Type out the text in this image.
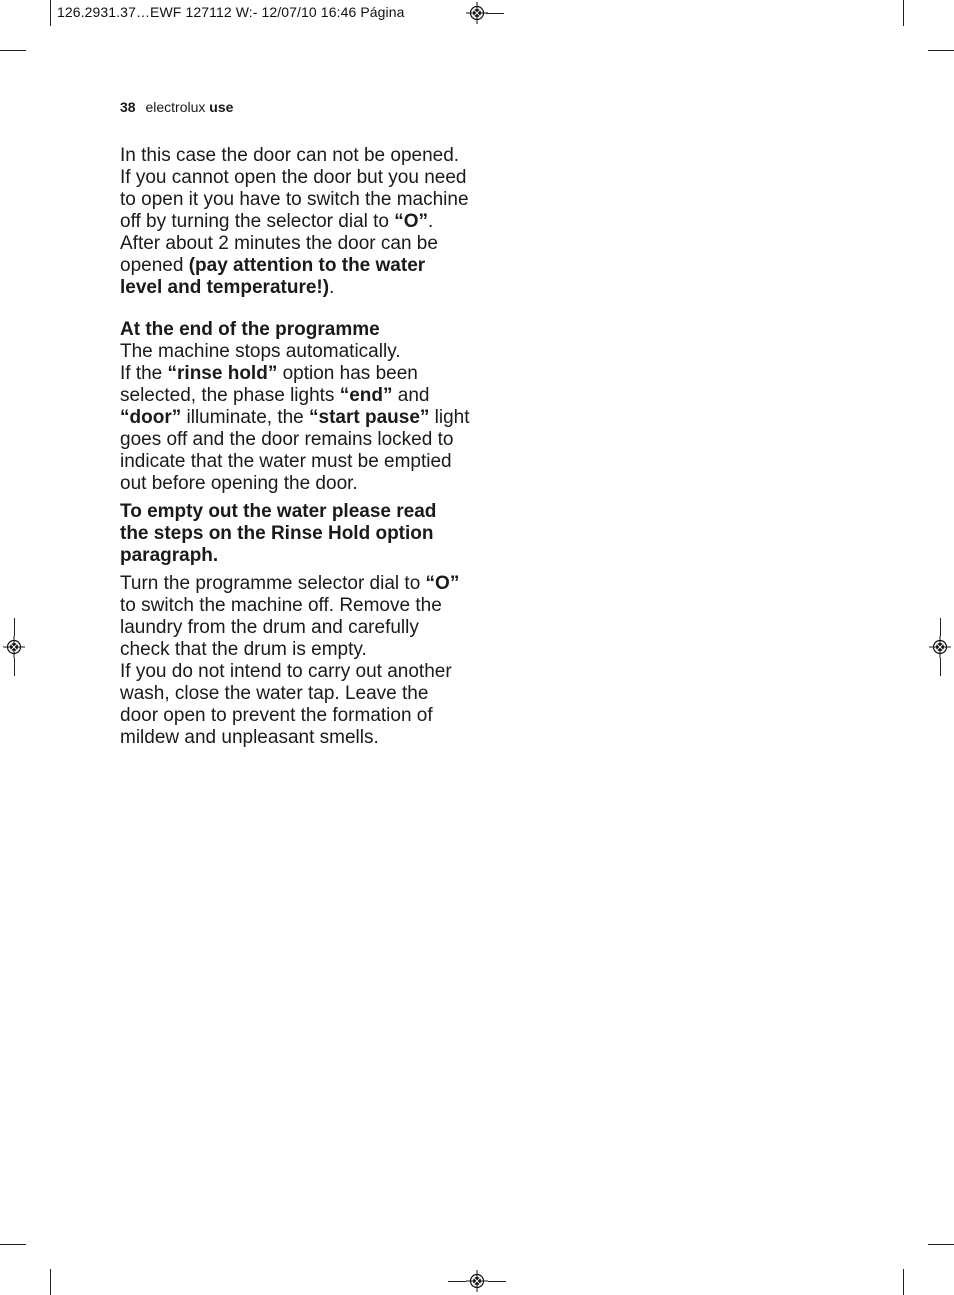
126.2931.37…EWF 127112 W:- 12/07/10 16:46 Página
38 electrolux use

In this case the door can not be opened.
If you cannot open the door but you need to open it you have to switch the machine off by turning the selector dial to “O”. After about 2 minutes the door can be opened (pay attention to the water level and temperature!).

At the end of the programme
The machine stops automatically.
If the “rinse hold” option has been selected, the phase lights “end” and “door” illuminate, the “start pause” light goes off and the door remains locked to indicate that the water must be emptied out before opening the door.

To empty out the water please read the steps on the Rinse Hold option paragraph.

Turn the programme selector dial to “O” to switch the machine off. Remove the laundry from the drum and carefully check that the drum is empty.
If you do not intend to carry out another wash, close the water tap. Leave the door open to prevent the formation of mildew and unpleasant smells.
